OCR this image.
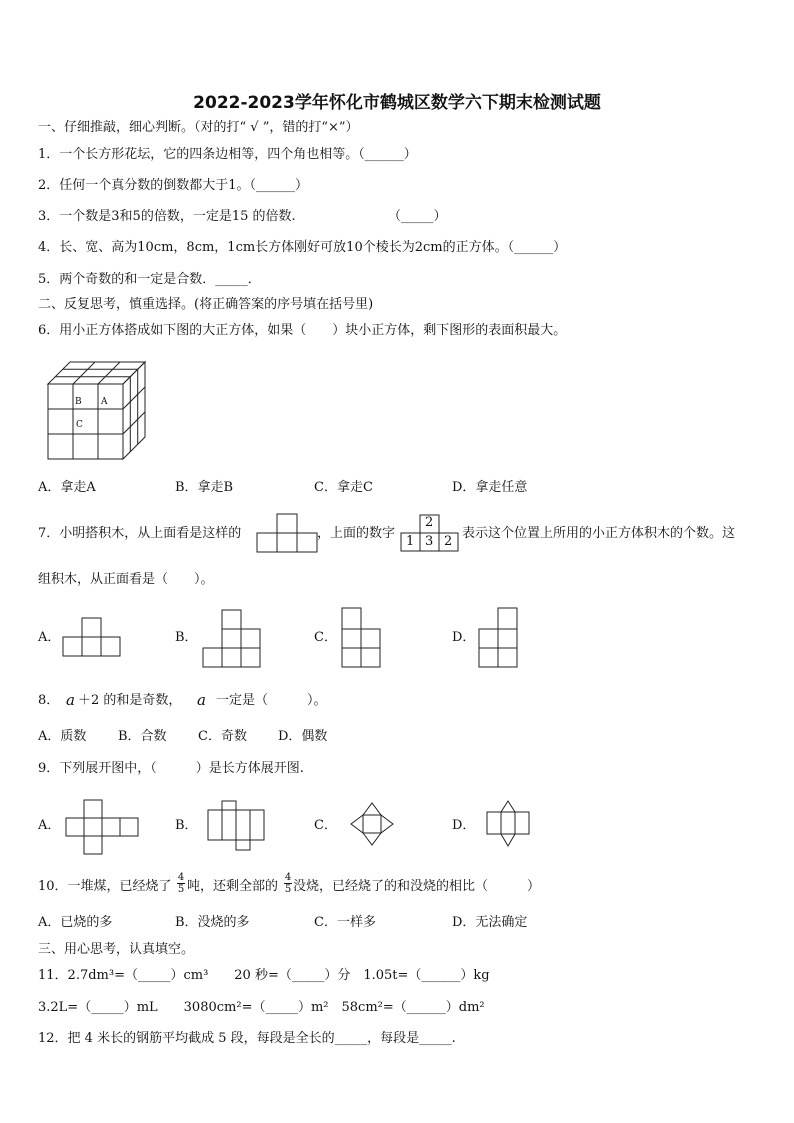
2022-2023学年怀化市鹤城区数学六下期末检测试题
一、仔细推敲，细心判断。（对的打“ √ ”，错的打“×”）
1．一个长方形花坛，它的四条边相等，四个角也相等。（______）
2．任何一个真分数的倒数都大于1。（______）
3．一个数是3和5的倍数，一定是15 的倍数.	（_____）
4．长、宽、高为10cm，8cm，1cm长方体刚好可放10个棱长为2cm的正方体。（______）
5．两个奇数的和一定是合数．_____．
二、反复思考，慎重选择。(将正确答案的序号填在括号里)
6．用小正方体搭成如下图的大正方体，如果（　　）块小正方体，剩下图形的表面积最大。
B A
C
A．拿走A	B．拿走B	C．拿走C	D．拿走任意
7．小明搭积木，从上面看是这样的	，上面的数字
2
1 3 2
表示这个位置上所用的小正方体积木的个数。这
组积木，从正面看是（　　）。
A．	B．	C．	D．
8． a ＋2 的和是奇数， a 一定是（　　　）。
A．质数 B．合数 C．奇数 D．偶数
9．下列展开图中，（　　　）是长方体展开图.
A．	B．	C．	D．
10．一堆煤，已经烧了 $\frac{4}{5}$ 吨，还剩全部的 $\frac{4}{5}$ 没烧，已经烧了的和没烧的相比（　　　）
A．已烧的多	B．没烧的多	C．一样多	D．无法确定
三、用心思考，认真填空。
11．2.7dm³=（_____）cm³　　20 秒=（_____）分　1.05t=（______）kg
3.2L=（_____）mL　　3080cm²=（_____）m²　58cm²=（______）dm²
12．把 4 米长的钢筋平均截成 5 段，每段是全长的_____，每段是_____.
